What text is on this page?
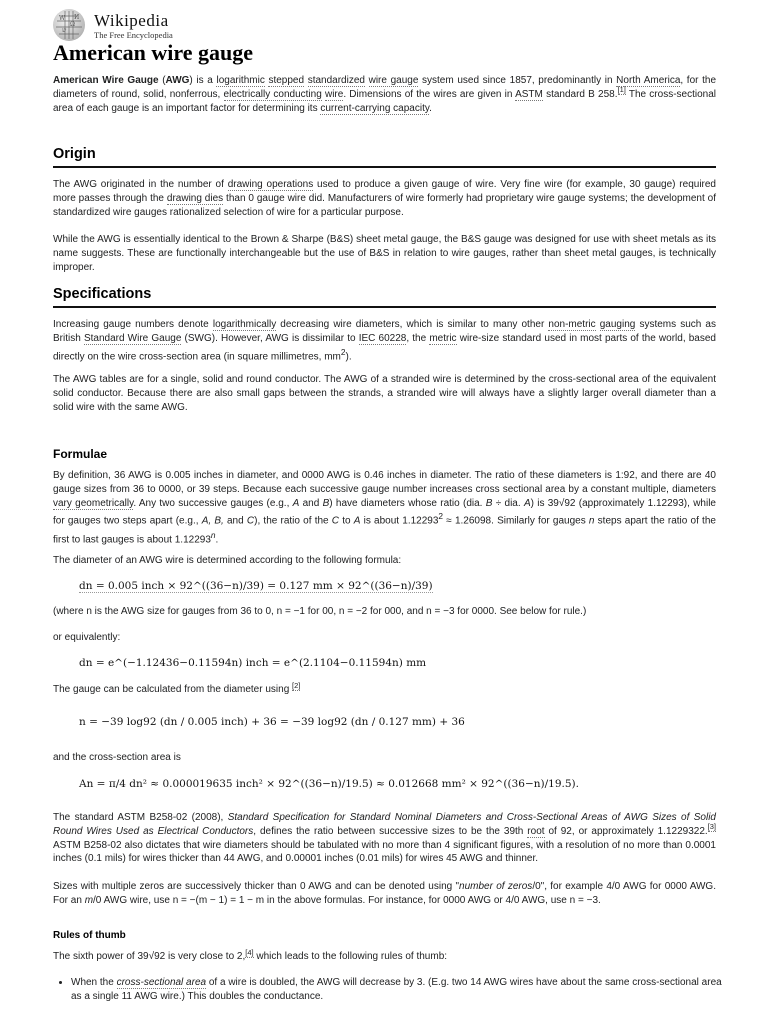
W
Ω
ש
И Wikipedia
The Free Encyclopedia
American wire gauge

American Wire Gauge (AWG) is a logarithmic stepped standardized wire gauge system used since 1857, predominantly in North America, for the diameters of round, solid, nonferrous, electrically conducting wire. Dimensions of the wires are given in ASTM standard B 258.[1] The cross-sectional area of each gauge is an important factor for determining its current-carrying capacity.

Origin

The AWG originated in the number of drawing operations used to produce a given gauge of wire. Very fine wire (for example, 30 gauge) required more passes through the drawing dies than 0 gauge wire did. Manufacturers of wire formerly had proprietary wire gauge systems; the development of standardized wire gauges rationalized selection of wire for a particular purpose.

While the AWG is essentially identical to the Brown & Sharpe (B&S) sheet metal gauge, the B&S gauge was designed for use with sheet metals as its name suggests. These are functionally interchangeable but the use of B&S in relation to wire gauges, rather than sheet metal gauges, is technically improper.

Specifications

Increasing gauge numbers denote logarithmically decreasing wire diameters, which is similar to many other non-metric gauging systems such as British Standard Wire Gauge (SWG). However, AWG is dissimilar to IEC 60228, the metric wire-size standard used in most parts of the world, based directly on the wire cross-section area (in square millimetres, $mm^2$).

The AWG tables are for a single, solid and round conductor. The AWG of a stranded wire is determined by the cross-sectional area of the equivalent solid conductor. Because there are also small gaps between the strands, a stranded wire will always have a slightly larger overall diameter than a solid wire with the same AWG.

Formulae

By definition, 36 AWG is 0.005 inches in diameter, and 0000 AWG is 0.46 inches in diameter. The ratio of these diameters is 1:92, and there are 40 gauge sizes from 36 to 0000, or 39 steps. Because each successive gauge number increases cross sectional area by a constant multiple, diameters vary geometrically. Any two successive gauges (e.g., A and B) have diameters whose ratio (dia. B ÷ dia. A) is 39√92 (approximately 1.12293), while for gauges two steps apart (e.g., A, B, and C), the ratio of the C to A is about $1.12293^2 \approx 1.26098$. Similarly for gauges n steps apart the ratio of the first to last gauges is about 1.12293$^n$.

The diameter of an AWG wire is determined according to the following formula:

dn = 0.005 inch × 92^((36−n)/39) = 0.127 mm × 92^((36−n)/39)

(where n is the AWG size for gauges from 36 to 0, n = −1 for 00, n = −2 for 000, and n = −3 for 0000. See below for rule.)

or equivalently:

dn = e^(−1.12436−0.11594n) inch = e^(2.1104−0.11594n) mm

The gauge can be calculated from the diameter using [2]

n = −39 log92 (dn / 0.005 inch) + 36 = −39 log92 (dn / 0.127 mm) + 36

and the cross-section area is

An = π/4 dn² ≈ 0.000019635 inch² × 92^((36−n)/19.5) ≈ 0.012668 mm² × 92^((36−n)/19.5).

The standard ASTM B258-02 (2008), Standard Specification for Standard Nominal Diameters and Cross-Sectional Areas of AWG Sizes of Solid Round Wires Used as Electrical Conductors, defines the ratio between successive sizes to be the 39th root of 92, or approximately 1.1229322.[3] ASTM B258-02 also dictates that wire diameters should be tabulated with no more than 4 significant figures, with a resolution of no more than 0.0001 inches (0.1 mils) for wires thicker than 44 AWG, and 0.00001 inches (0.01 mils) for wires 45 AWG and thinner.

Sizes with multiple zeros are successively thicker than 0 AWG and can be denoted using "number of zeros/0", for example 4/0 AWG for 0000 AWG. For an m/0 AWG wire, use n = −(m − 1) = 1 − m in the above formulas. For instance, for 0000 AWG or 4/0 AWG, use n = −3.

Rules of thumb

The sixth power of 39√92 is very close to 2,[4] which leads to the following rules of thumb:

• When the cross-sectional area of a wire is doubled, the AWG will decrease by 3. (E.g. two 14 AWG wires have about the same cross-sectional area as a single 11 AWG wire.) This doubles the conductance.
